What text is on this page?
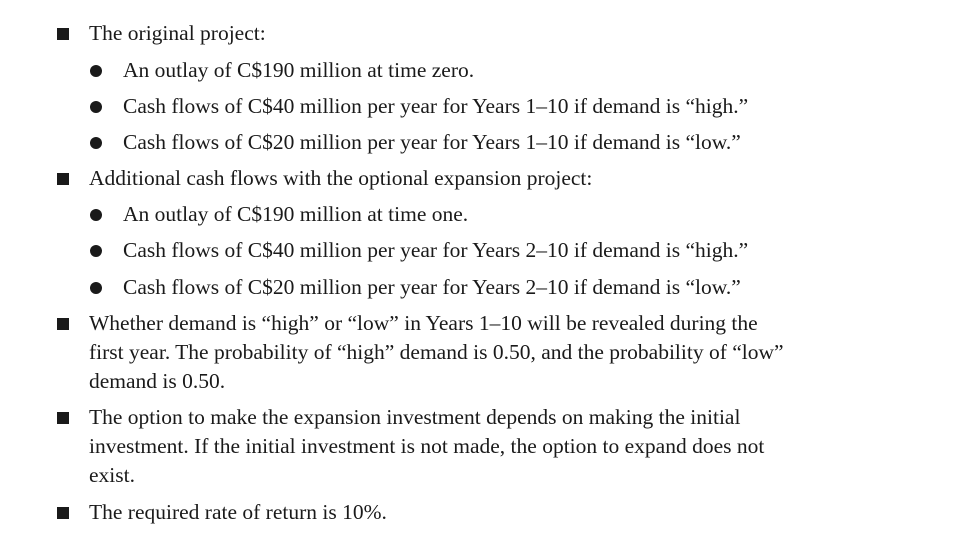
The original project:
An outlay of C$190 million at time zero.
Cash flows of C$40 million per year for Years 1–10 if demand is “high.”
Cash flows of C$20 million per year for Years 1–10 if demand is “low.”
Additional cash flows with the optional expansion project:
An outlay of C$190 million at time one.
Cash flows of C$40 million per year for Years 2–10 if demand is “high.”
Cash flows of C$20 million per year for Years 2–10 if demand is “low.”
Whether demand is “high” or “low” in Years 1–10 will be revealed during the
first year. The probability of “high” demand is 0.50, and the probability of “low”
demand is 0.50.
The option to make the expansion investment depends on making the initial
investment. If the initial investment is not made, the option to expand does not
exist.
The required rate of return is 10%.
